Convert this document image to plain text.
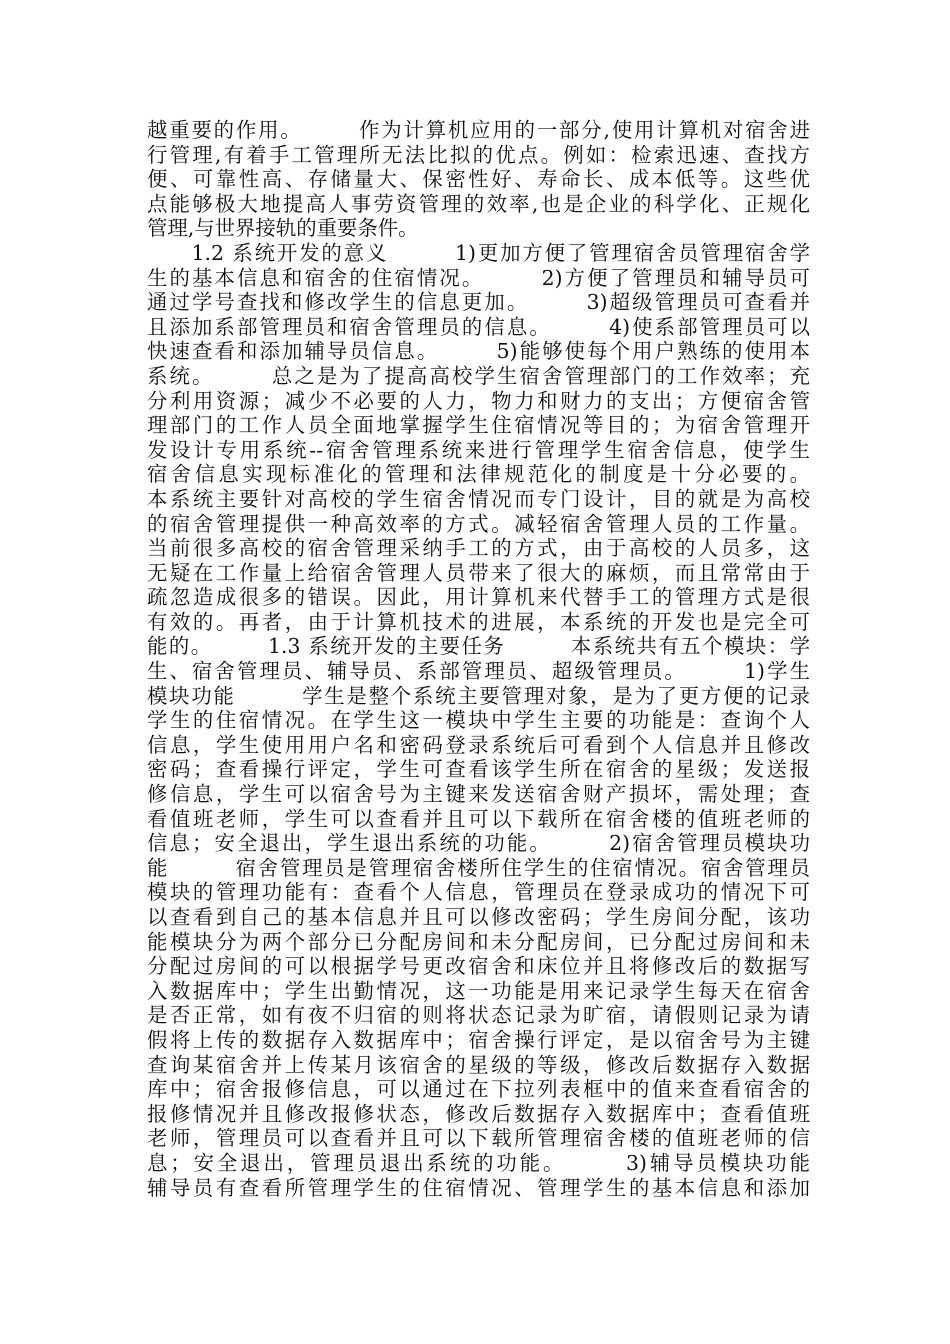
越重要的作用。　　　作为计算机应用的一部分,使用计算机对宿舍进
行管理,有着手工管理所无法比拟的优点。例如：检索迅速、查找方
便、可靠性高、存储量大、保密性好、寿命长、成本低等。这些优
点能够极大地提高人事劳资管理的效率,也是企业的科学化、正规化
管理,与世界接轨的重要条件。
　　1.2 系统开发的意义　　　1)更加方便了管理宿舍员管理宿舍学
生的基本信息和宿舍的住宿情况。　　　2)方便了管理员和辅导员可
通过学号查找和修改学生的信息更加。　　　3)超级管理员可查看并
且添加系部管理员和宿舍管理员的信息。　　　4)使系部管理员可以
快速查看和添加辅导员信息。　　　5)能够使每个用户熟练的使用本
系统。　　　总之是为了提高高校学生宿舍管理部门的工作效率；充
分利用资源；减少不必要的人力，物力和财力的支出；方便宿舍管
理部门的工作人员全面地掌握学生住宿情况等目的；为宿舍管理开
发设计专用系统--宿舍管理系统来进行管理学生宿舍信息，使学生
宿舍信息实现标准化的管理和法律规范化的制度是十分必要的。
本系统主要针对高校的学生宿舍情况而专门设计，目的就是为高校
的宿舍管理提供一种高效率的方式。减轻宿舍管理人员的工作量。
当前很多高校的宿舍管理采纳手工的方式，由于高校的人员多，这
无疑在工作量上给宿舍管理人员带来了很大的麻烦，而且常常由于
疏忽造成很多的错误。因此，用计算机来代替手工的管理方式是很
有效的。再者，由于计算机技术的进展，本系统的开发也是完全可
能的。　　　1.3 系统开发的主要任务　　　本系统共有五个模块：学
生、宿舍管理员、辅导员、系部管理员、超级管理员。　　　1)学生
模块功能　　　学生是整个系统主要管理对象，是为了更方便的记录
学生的住宿情况。在学生这一模块中学生主要的功能是：查询个人
信息，学生使用用户名和密码登录系统后可看到个人信息并且修改
密码；查看操行评定，学生可查看该学生所在宿舍的星级；发送报
修信息，学生可以宿舍号为主键来发送宿舍财产损坏，需处理；查
看值班老师，学生可以查看并且可以下载所在宿舍楼的值班老师的
信息；安全退出，学生退出系统的功能。　　　2)宿舍管理员模块功
能　　　宿舍管理员是管理宿舍楼所住学生的住宿情况。宿舍管理员
模块的管理功能有：查看个人信息，管理员在登录成功的情况下可
以查看到自己的基本信息并且可以修改密码；学生房间分配，该功
能模块分为两个部分已分配房间和未分配房间，已分配过房间和未
分配过房间的可以根据学号更改宿舍和床位并且将修改后的数据写
入数据库中；学生出勤情况，这一功能是用来记录学生每天在宿舍
是否正常，如有夜不归宿的则将状态记录为旷宿，请假则记录为请
假将上传的数据存入数据库中；宿舍操行评定，是以宿舍号为主键
查询某宿舍并上传某月该宿舍的星级的等级，修改后数据存入数据
库中；宿舍报修信息，可以通过在下拉列表框中的值来查看宿舍的
报修情况并且修改报修状态，修改后数据存入数据库中；查看值班
老师，管理员可以查看并且可以下载所管理宿舍楼的值班老师的信
息；安全退出，管理员退出系统的功能。　　　3)辅导员模块功能
辅导员有查看所管理学生的住宿情况、管理学生的基本信息和添加
